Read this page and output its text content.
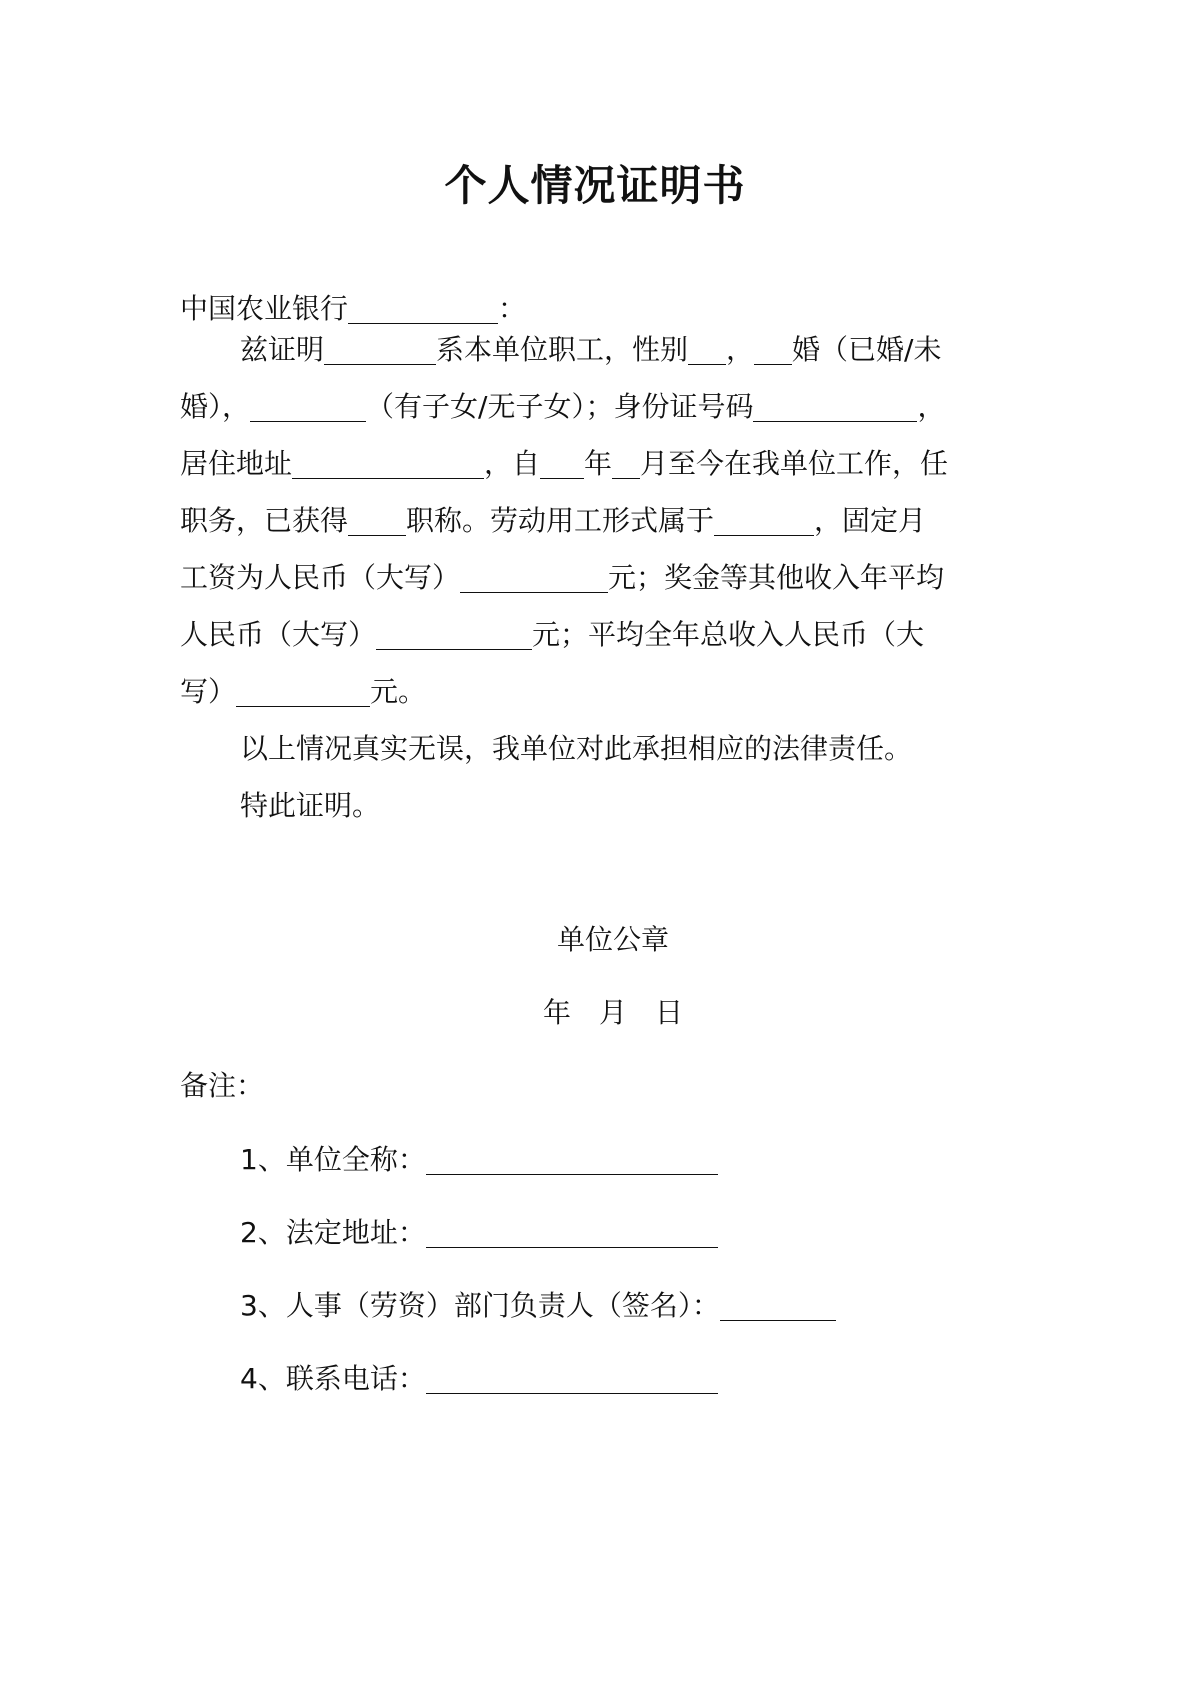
个人情况证明书
中国农业银行	：
兹证明	系本单位职工，性别 ， 婚（已婚/未
婚），	（有子女/无子女）；身份证号码	，
居住地址	，自 年 月至今在我单位工作，任
职务，已获得 职称。劳动用工形式属于	，固定月
工资为人民币（大写）	元；奖金等其他收入年平均
人民币（大写）	元；平均全年总收入人民币（大
写）	元。
以上情况真实无误，我单位对此承担相应的法律责任。
特此证明。
单位公章
年 月 日
备注：
1、单位全称：
2、法定地址：
3、人事（劳资）部门负责人（签名）：
4、联系电话：
